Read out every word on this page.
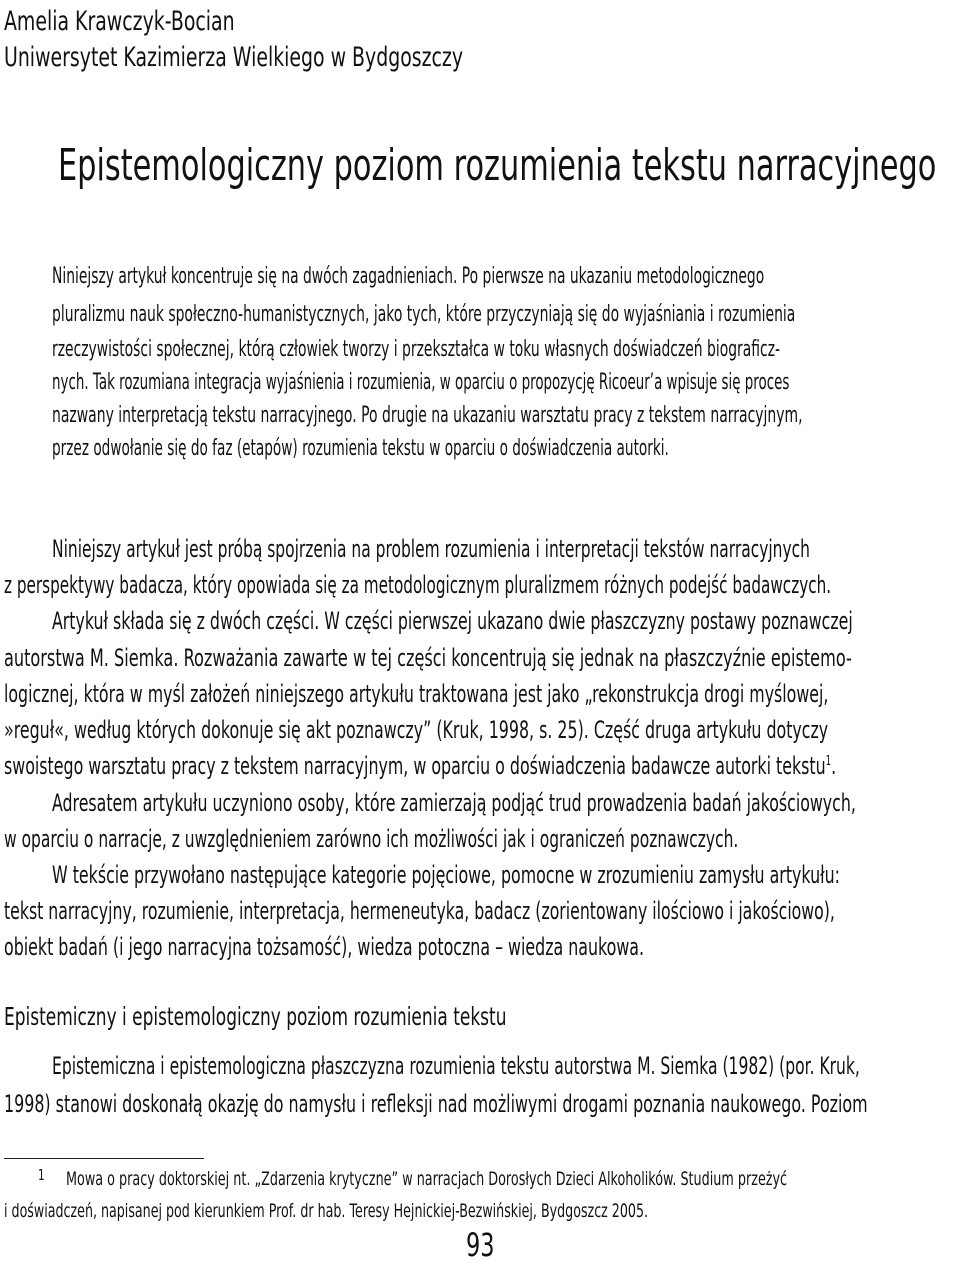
Amelia Krawczyk-Bocian
Uniwersytet Kazimierza Wielkiego w Bydgoszczy
Epistemologiczny poziom rozumienia tekstu narracyjnego
Niniejszy artykuł koncentruje się na dwóch zagadnieniach. Po pierwsze na ukazaniu metodologicznego
pluralizmu nauk społeczno-humanistycznych, jako tych, które przyczyniają się do wyjaśniania i rozumienia
rzeczywistości społecznej, którą człowiek tworzy i przekształca w toku własnych doświadczeń biograficz-
nych. Tak rozumiana integracja wyjaśnienia i rozumienia, w oparciu o propozycję Ricoeur’a wpisuje się proces
nazwany interpretacją tekstu narracyjnego. Po drugie na ukazaniu warsztatu pracy z tekstem narracyjnym,
przez odwołanie się do faz (etapów) rozumienia tekstu w oparciu o doświadczenia autorki.
Niniejszy artykuł jest próbą spojrzenia na problem rozumienia i interpretacji tekstów narracyjnych
z perspektywy badacza, który opowiada się za metodologicznym pluralizmem różnych podejść badawczych.
Artykuł składa się z dwóch części. W części pierwszej ukazano dwie płaszczyzny postawy poznawczej
autorstwa M. Siemka. Rozważania zawarte w tej części koncentrują się jednak na płaszczyźnie epistemo-
logicznej, która w myśl założeń niniejszego artykułu traktowana jest jako „rekonstrukcja drogi myślowej,
»reguł«, według których dokonuje się akt poznawczy” (Kruk, 1998, s. 25). Część druga artykułu dotyczy
swoistego warsztatu pracy z tekstem narracyjnym, w oparciu o doświadczenia badawcze autorki tekstu$^1$.
Adresatem artykułu uczyniono osoby, które zamierzają podjąć trud prowadzenia badań jakościowych,
w oparciu o narracje, z uwzględnieniem zarówno ich możliwości jak i ograniczeń poznawczych.
W tekście przywołano następujące kategorie pojęciowe, pomocne w zrozumieniu zamysłu artykułu:
tekst narracyjny, rozumienie, interpretacja, hermeneutyka, badacz (zorientowany ilościowo i jakościowo),
obiekt badań (i jego narracyjna tożsamość), wiedza potoczna – wiedza naukowa.
Epistemiczny i epistemologiczny poziom rozumienia tekstu
Epistemiczna i epistemologiczna płaszczyzna rozumienia tekstu autorstwa M. Siemka (1982) (por. Kruk,
1998) stanowi doskonałą okazję do namysłu i refleksji nad możliwymi drogami poznania naukowego. Poziom
1 Mowa o pracy doktorskiej nt. „Zdarzenia krytyczne” w narracjach Dorosłych Dzieci Alkoholików. Studium przeżyć
i doświadczeń, napisanej pod kierunkiem Prof. dr hab. Teresy Hejnickiej-Bezwińskiej, Bydgoszcz 2005.
93
